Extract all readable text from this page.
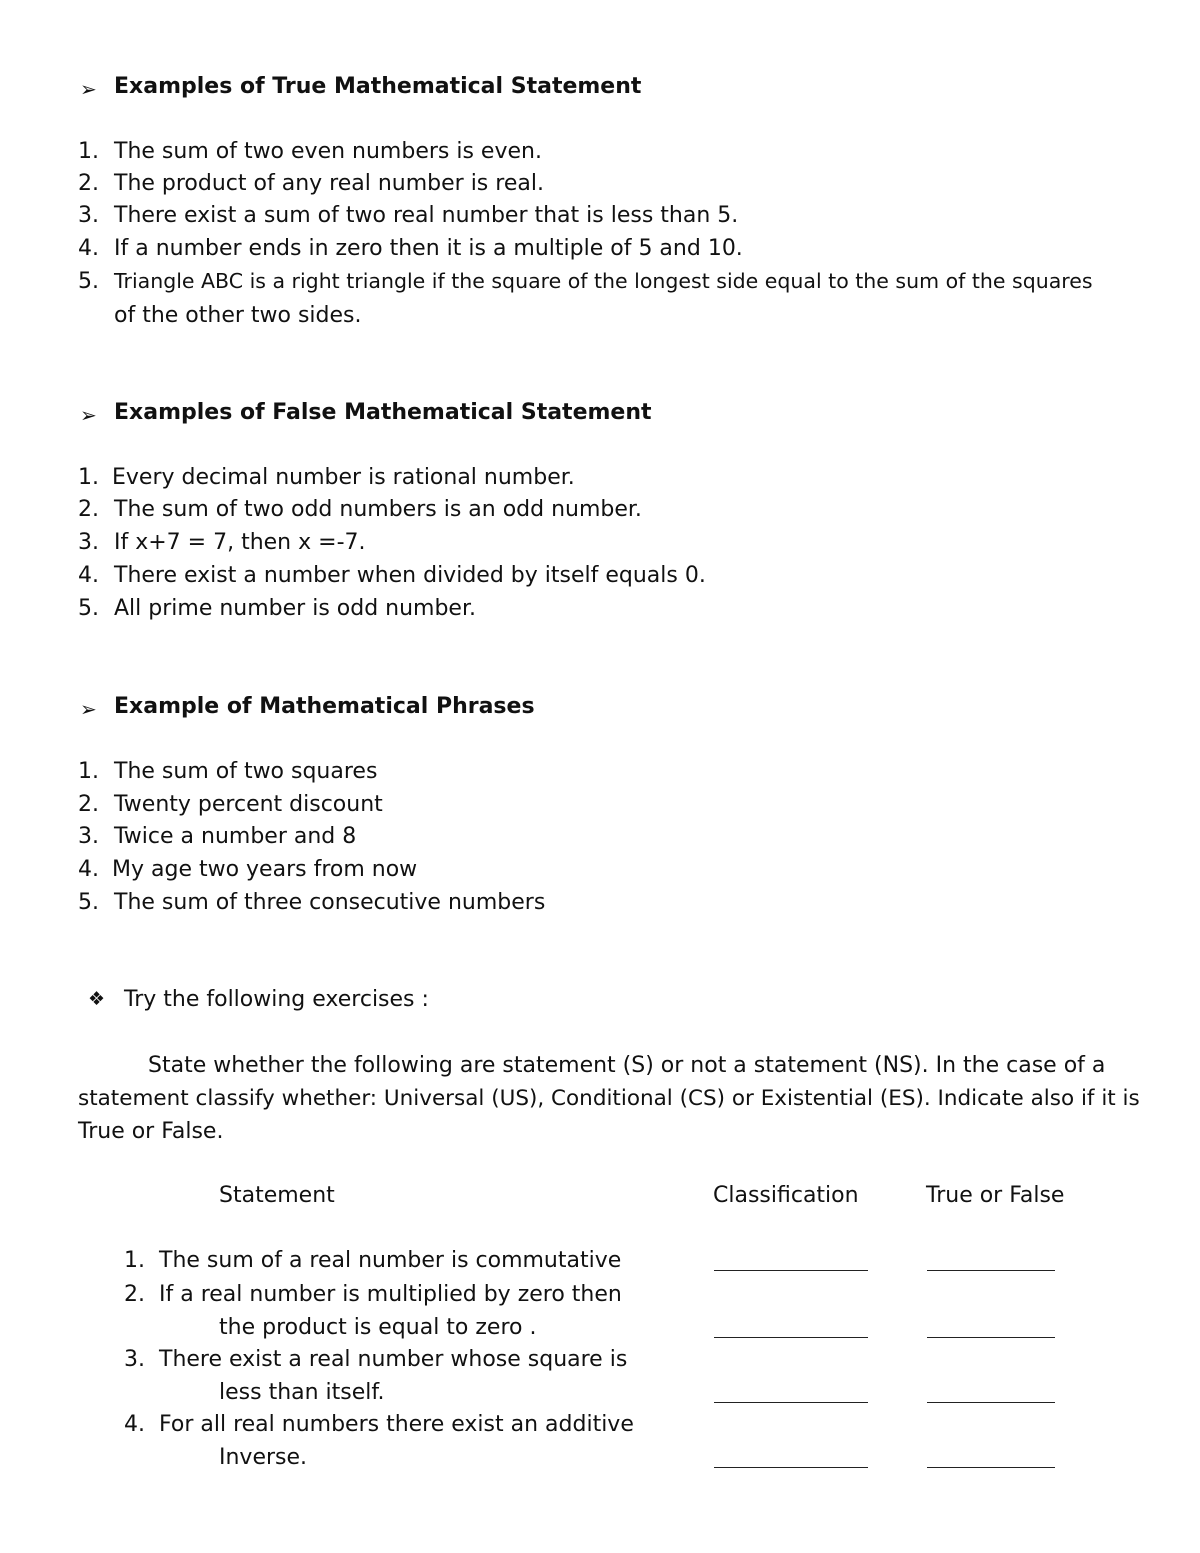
➢ Examples of True Mathematical Statement
1. The sum of two even numbers is even.
2. The product of any real number is real.
3. There exist a sum of two real number that is less than 5.
4. If a number ends in zero then it is a multiple of 5 and 10.
5. Triangle ABC is a right triangle if the square of the longest side equal to the sum of the squares
of the other two sides.
➢ Examples of False Mathematical Statement
1. Every decimal number is rational number.
2. The sum of two odd numbers is an odd number.
3. If x+7 = 7, then x =-7.
4. There exist a number when divided by itself equals 0.
5. All prime number is odd number.
➢ Example of Mathematical Phrases
1. The sum of two squares
2. Twenty percent discount
3. Twice a number and 8
4. My age two years from now
5. The sum of three consecutive numbers
❖ Try the following exercises :
State whether the following are statement (S) or not a statement (NS). In the case of a
statement classify whether: Universal (US), Conditional (CS) or Existential (ES). Indicate also if it is
True or False.
Statement	Classification	True or False
1. The sum of a real number is commutative
2. If a real number is multiplied by zero then
the product is equal to zero .
3. There exist a real number whose square is
less than itself.
4. For all real numbers there exist an additive
Inverse.
